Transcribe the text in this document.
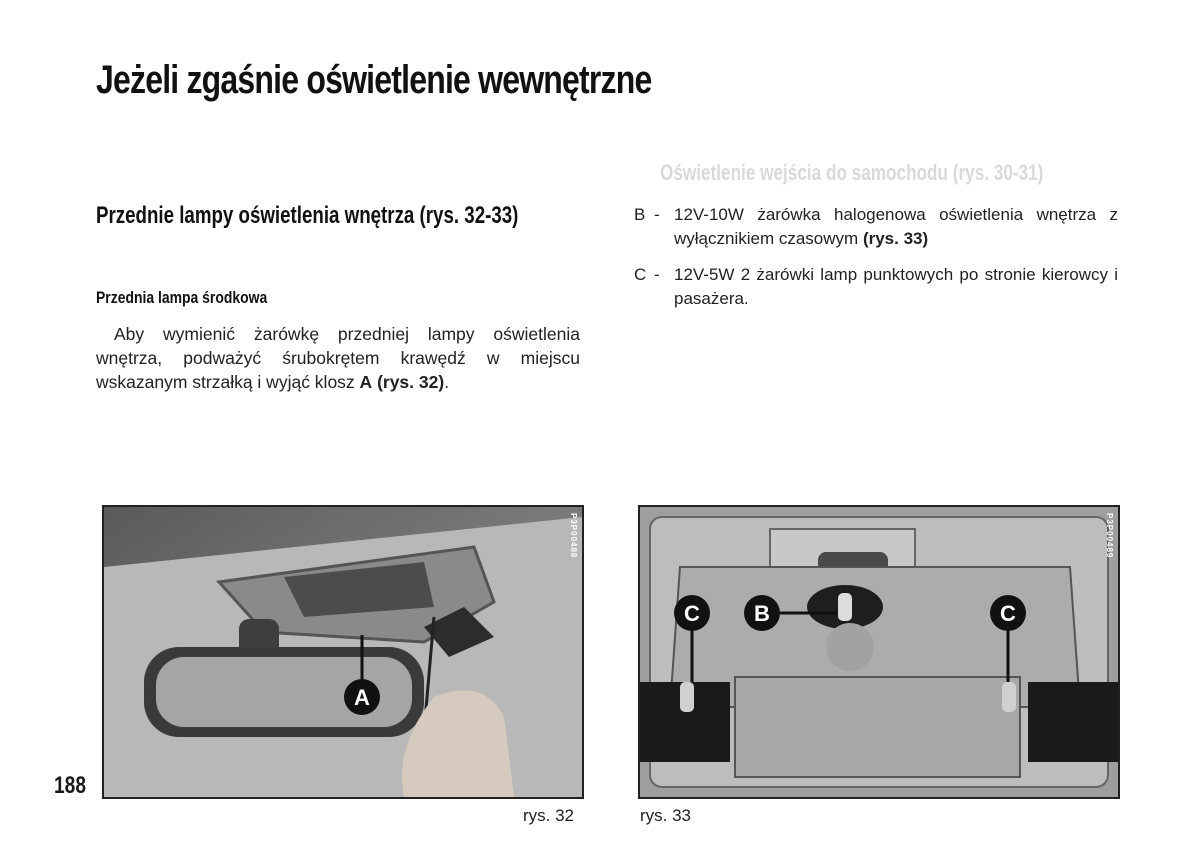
Oświetlenie wejścia do samochodu (rys. 30-31)
Jeżeli zgaśnie oświetlenie wewnętrzne
Przednie lampy oświetlenia wnętrza (rys. 32-33)
Przednia lampa środkowa
Aby wymienić żarówkę przedniej lampy oświetlenia wnętrza, podważyć śrubokrętem krawędź w miejscu wskazanym strzałką i wyjąć klosz A (rys. 32).
B - 12V-10W żarówka halogenowa oświetlenia wnętrza z wyłącznikiem czasowym (rys. 33)
C - 12V-5W 2 żarówki lamp punktowych po stronie kierowcy i pasażera.
A
P3P00488
rys. 32
C B	C
P3P00489
rys. 33
188
